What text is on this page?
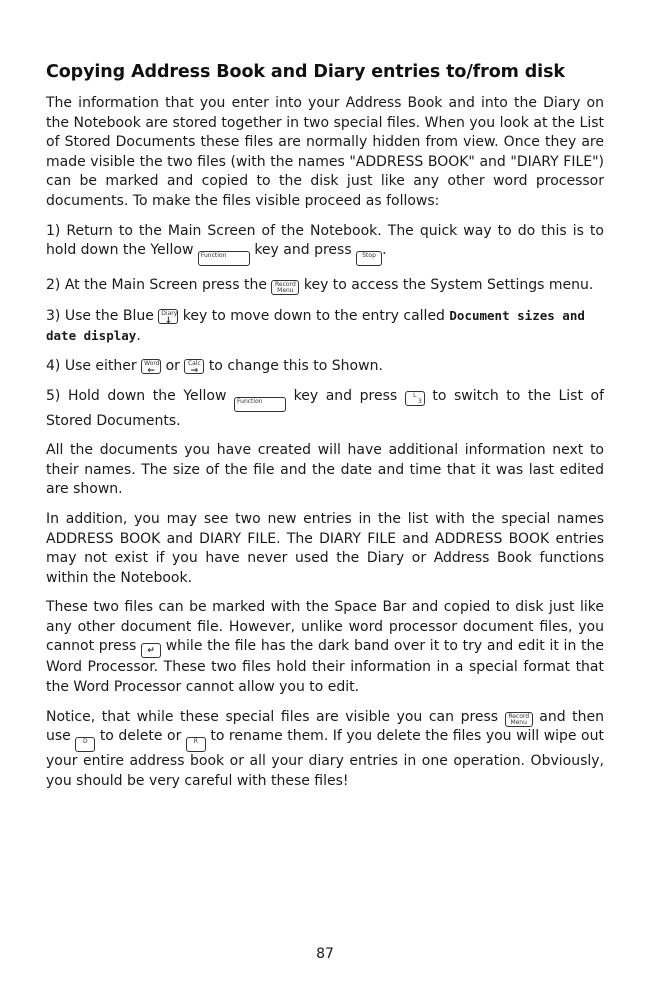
Copying Address Book and Diary entries to/from disk

The information that you enter into your Address Book and into the Diary on the Notebook are stored together in two special files. When you look at the List of Stored Documents these files are normally hidden from view. Once they are made visible the two files (with the names "ADDRESS BOOK" and "DIARY FILE") can be marked and copied to the disk just like any other word processor documents. To make the files visible proceed as follows:

1) Return to the Main Screen of the Notebook. The quick way to do this is to hold down the Yellow Function	key and press	Stop .

2) At the Main Screen press the Record
Menu key to access the System Settings menu.

3) Use the Blue Diary
↓ key to move down to the entry called Document sizes and date display.

4) Use either Word
← or Calc
→ to change this to Shown.

5) Hold down the Yellow Function	key and press	L
3 to switch to the List of Stored Documents.

All the documents you have created will have additional information next to their names. The size of the file and the date and time that it was last edited are shown.

In addition, you may see two new entries in the list with the special names ADDRESS BOOK and DIARY FILE. The DIARY FILE and ADDRESS BOOK entries may not exist if you have never used the Diary or Address Book functions within the Notebook.

These two files can be marked with the Space Bar and copied to disk just like any other document file. However, unlike word processor document files, you cannot press	↵ while the file has the dark band over it to try and edit it in the Word Processor. These two files hold their information in a special format that the Word Processor cannot allow you to edit.

Notice, that while these special files are visible you can press Record
Menu and then use	D to delete or	R to rename them. If you delete the files you will wipe out your entire address book or all your diary entries in one operation. Obviously, you should be very careful with these files!

87
